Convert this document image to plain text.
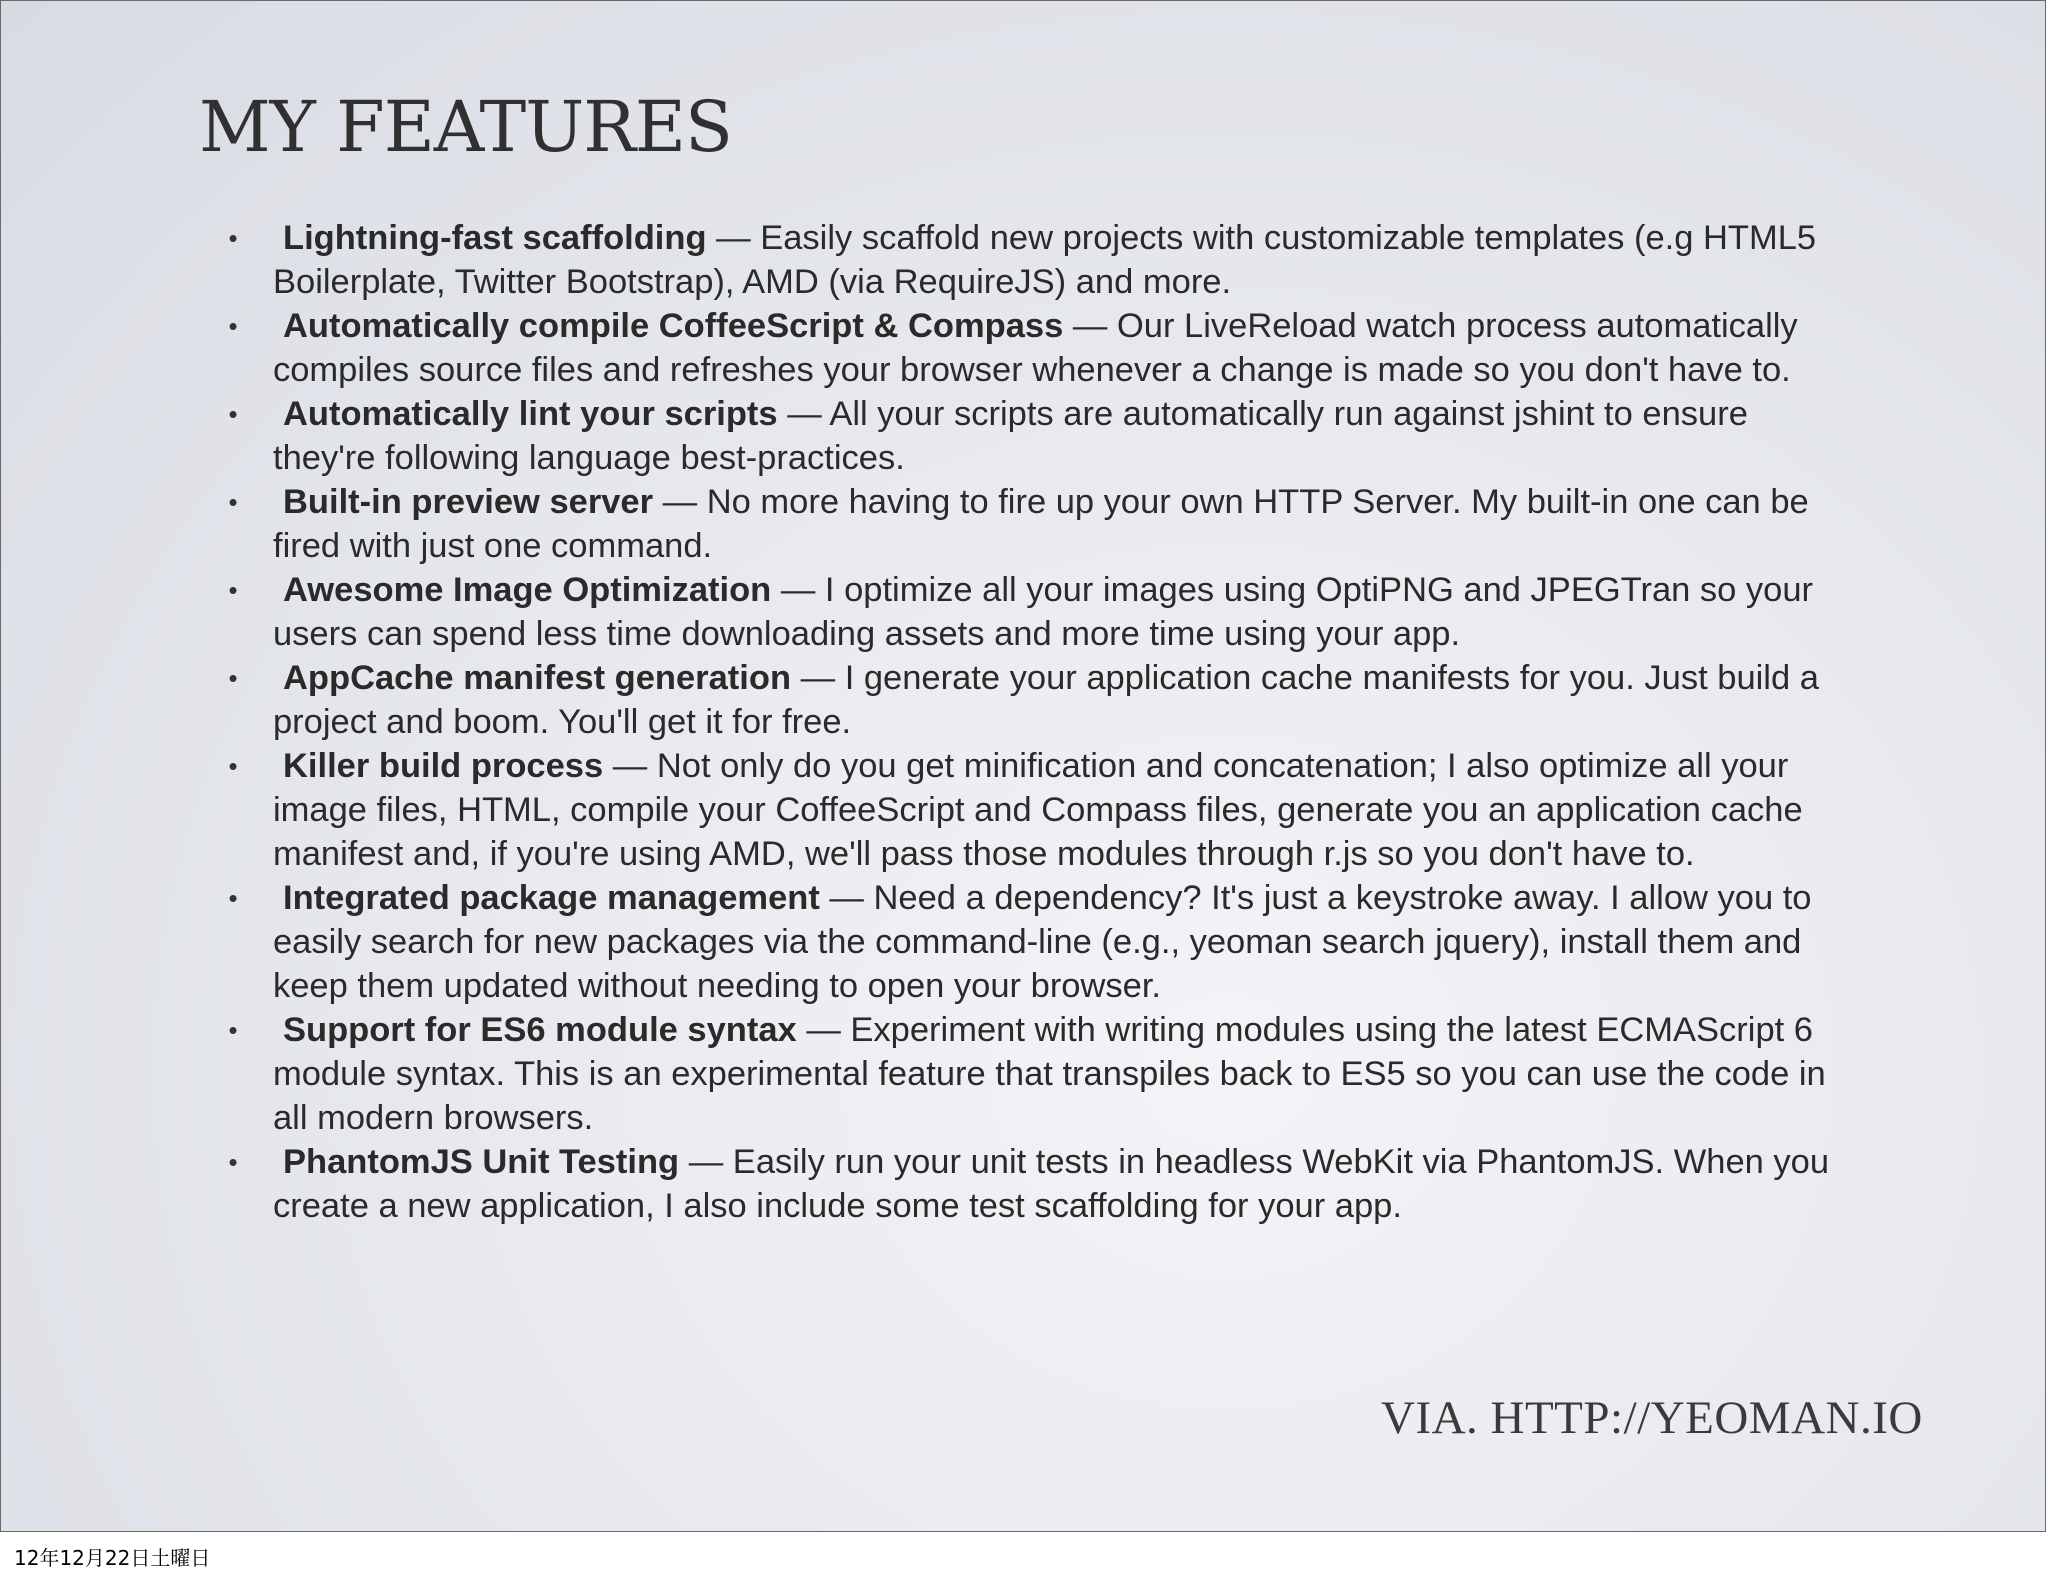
MY FEATURES
• Lightning-fast scaffolding — Easily scaffold new projects with customizable templates (e.g HTML5 Boilerplate, Twitter Bootstrap), AMD (via RequireJS) and more.
• Automatically compile CoffeeScript & Compass — Our LiveReload watch process automatically compiles source files and refreshes your browser whenever a change is made so you don't have to.
• Automatically lint your scripts — All your scripts are automatically run against jshint to ensure they're following language best-practices.
• Built-in preview server — No more having to fire up your own HTTP Server. My built-in one can be fired with just one command.
• Awesome Image Optimization — I optimize all your images using OptiPNG and JPEGTran so your users can spend less time downloading assets and more time using your app.
• AppCache manifest generation — I generate your application cache manifests for you. Just build a project and boom. You'll get it for free.
• Killer build process — Not only do you get minification and concatenation; I also optimize all your image files, HTML, compile your CoffeeScript and Compass files, generate you an application cache manifest and, if you're using AMD, we'll pass those modules through r.js so you don't have to.
• Integrated package management — Need a dependency? It's just a keystroke away. I allow you to easily search for new packages via the command-line (e.g., yeoman search jquery), install them and keep them updated without needing to open your browser.
• Support for ES6 module syntax — Experiment with writing modules using the latest ECMAScript 6 module syntax. This is an experimental feature that transpiles back to ES5 so you can use the code in all modern browsers.
• PhantomJS Unit Testing — Easily run your unit tests in headless WebKit via PhantomJS. When you create a new application, I also include some test scaffolding for your app.
VIA. HTTP://YEOMAN.IO
12年12月22日土曜日
